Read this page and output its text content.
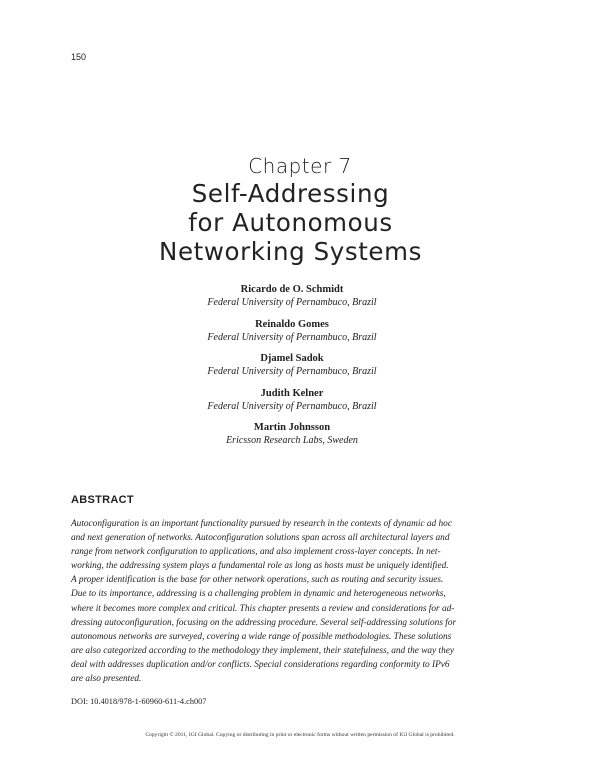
150
Chapter 7
Self-Addressing
for Autonomous
Networking Systems
Ricardo de O. Schmidt
Federal University of Pernambuco, Brazil
Reinaldo Gomes
Federal University of Pernambuco, Brazil
Djamel Sadok
Federal University of Pernambuco, Brazil
Judith Kelner
Federal University of Pernambuco, Brazil
Martin Johnsson
Ericsson Research Labs, Sweden
ABSTRACT
Autoconfiguration is an important functionality pursued by research in the contexts of dynamic ad hoc
and next generation of networks. Autoconfiguration solutions span across all architectural layers and
range from network configuration to applications, and also implement cross-layer concepts. In net-
working, the addressing system plays a fundamental role as long as hosts must be uniquely identified.
A proper identification is the base for other network operations, such as routing and security issues.
Due to its importance, addressing is a challenging problem in dynamic and heterogeneous networks,
where it becomes more complex and critical. This chapter presents a review and considerations for ad-
dressing autoconfiguration, focusing on the addressing procedure. Several self-addressing solutions for
autonomous networks are surveyed, covering a wide range of possible methodologies. These solutions
are also categorized according to the methodology they implement, their statefulness, and the way they
deal with addresses duplication and/or conflicts. Special considerations regarding conformity to IPv6
are also presented.
DOI: 10.4018/978-1-60960-611-4.ch007
Copyright © 2011, IGI Global. Copying or distributing in print or electronic forms without written permission of IGI Global is prohibited.
